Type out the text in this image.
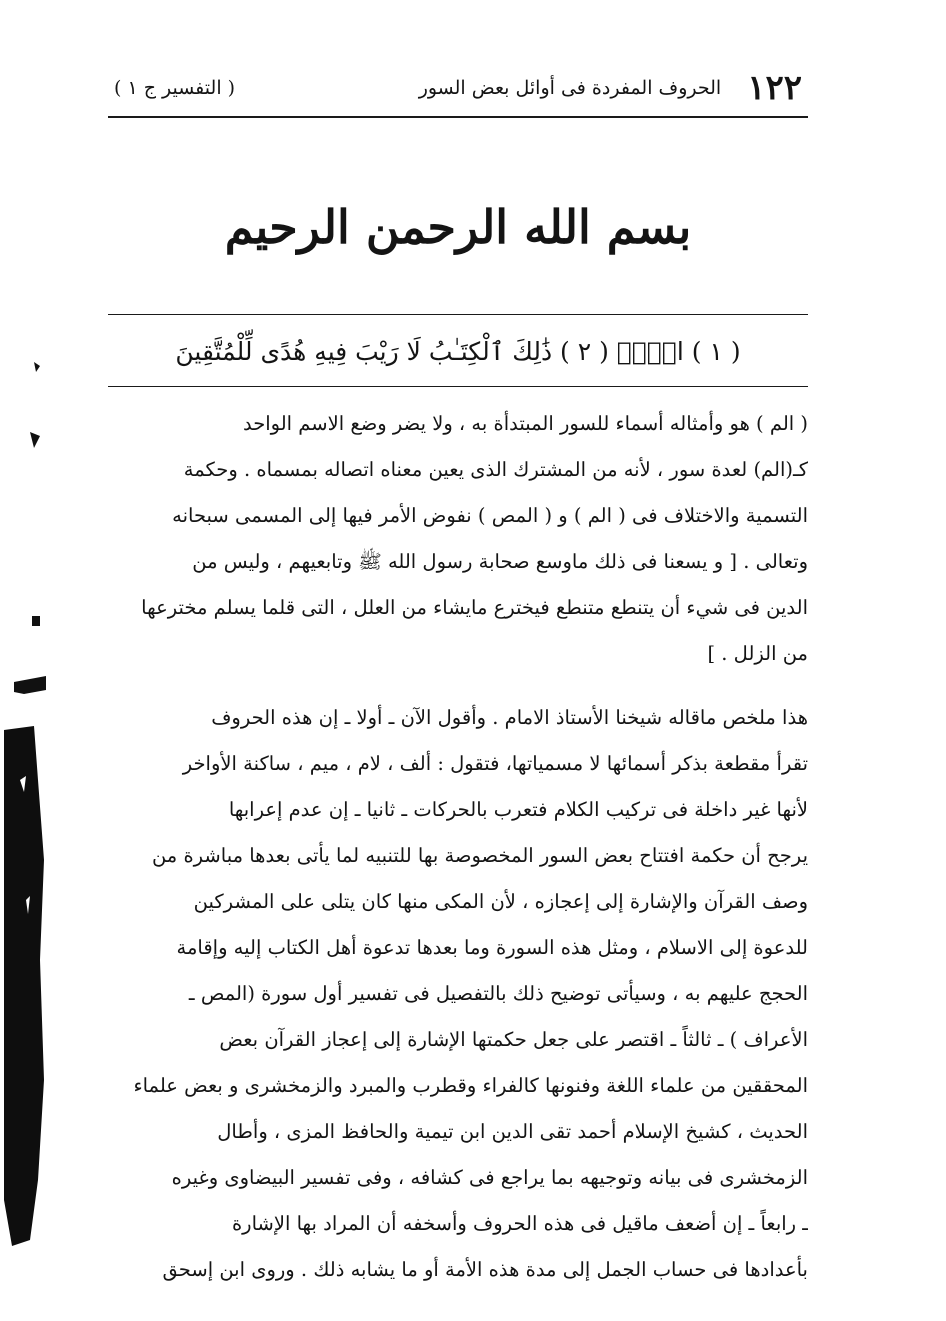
١٢٢
الحروف المفردة فى أوائل بعض السور
( التفسير ج ١ )
بسم الله الرحمن الرحيم
( ١ ) الۤمۤ ( ٢ ) ذَٰلِكَ ٱلْكِتَـٰبُ لَا رَيْبَ فِيهِ هُدًى لِّلْمُتَّقِينَ

( الم ) هو وأمثاله أسماء للسور المبتدأة به ، ولا يضر وضع الاسم الواحد

كـ(الم) لعدة سور ، لأنه من المشترك الذى يعين معناه اتصاله بمسماه . وحكمة

التسمية والاختلاف فى ( الم ) و ( المص ) نفوض الأمر فيها إلى المسمى سبحانه

وتعالى . [ و يسعنا فى ذلك ماوسع صحابة رسول الله ﷺ وتابعيهم ، وليس من

الدين فى شيء أن يتنطع متنطع فيخترع مايشاء من العلل ، التى قلما يسلم مخترعها

من الزلل . ]

هذا ملخص ماقاله شيخنا الأستاذ الامام . وأقول الآن ـ أولا ـ إن هذه الحروف

تقرأ مقطعة بذكر أسمائها لا مسمياتها، فتقول : ألف ، لام ، ميم ، ساكنة الأواخر

لأنها غير داخلة فى تركيب الكلام فتعرب بالحركات ـ ثانيا ـ إن عدم إعرابها

يرجح أن حكمة افتتاح بعض السور المخصوصة بها للتنبيه لما يأتى بعدها مباشرة من

وصف القرآن والإشارة إلى إعجازه ، لأن المكى منها كان يتلى على المشركين

للدعوة إلى الاسلام ، ومثل هذه السورة وما بعدها تدعوة أهل الكتاب إليه وإقامة

الحجج عليهم به ، وسيأتى توضيح ذلك بالتفصيل فى تفسير أول سورة (المص ـ

الأعراف ) ـ ثالثاً ـ اقتصر على جعل حكمتها الإشارة إلى إعجاز القرآن بعض

المحققين من علماء اللغة وفنونها كالفراء وقطرب والمبرد والزمخشرى و بعض علماء

الحديث ، كشيخ الإسلام أحمد تقى الدين ابن تيمية والحافظ المزى ، وأطال

الزمخشرى فى بيانه وتوجيهه بما يراجع فى كشافه ، وفى تفسير البيضاوى وغيره

ـ رابعاً ـ إن أضعف ماقيل فى هذه الحروف وأسخفه أن المراد بها الإشارة

بأعدادها فى حساب الجمل إلى مدة هذه الأمة أو ما يشابه ذلك . وروى ابن إسحق
